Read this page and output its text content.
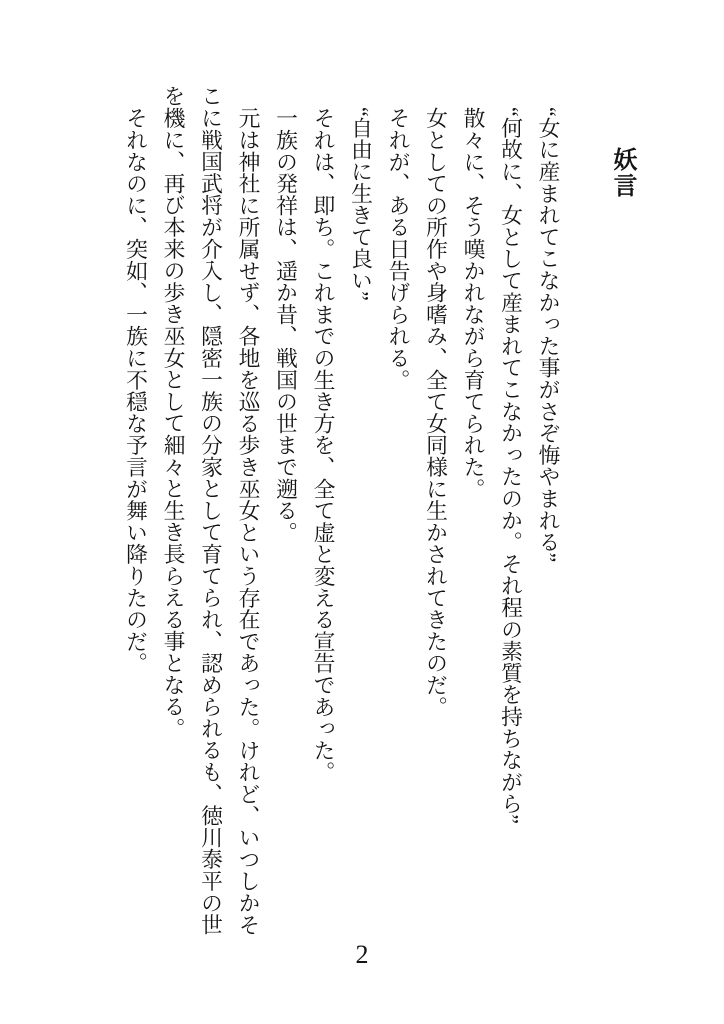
妖言

“女に産まれてこなかった事がさぞ悔やまれる”

“何故に、女として産まれてこなかったのか。それ程の素質を持ちながら”

散々に、そう嘆かれながら育てられた。

女としての所作や身嗜み、全て女同様に生かされてきたのだ。

それが、ある日告げられる。

“自由に生きて良い”

それは、即ち。これまでの生き方を、全て虚と変える宣告であった。

一族の発祥は、遥か昔、戦国の世まで遡る。

元は神社に所属せず、各地を巡る歩き巫女という存在であった。けれど、いつしかそこに戦国武将が介入し、隠密一族の分家として育てられ、認められるも、徳川泰平の世を機に、再び本来の歩き巫女として細々と生き長らえる事となる。

それなのに、突如、一族に不穏な予言が舞い降りたのだ。

2
